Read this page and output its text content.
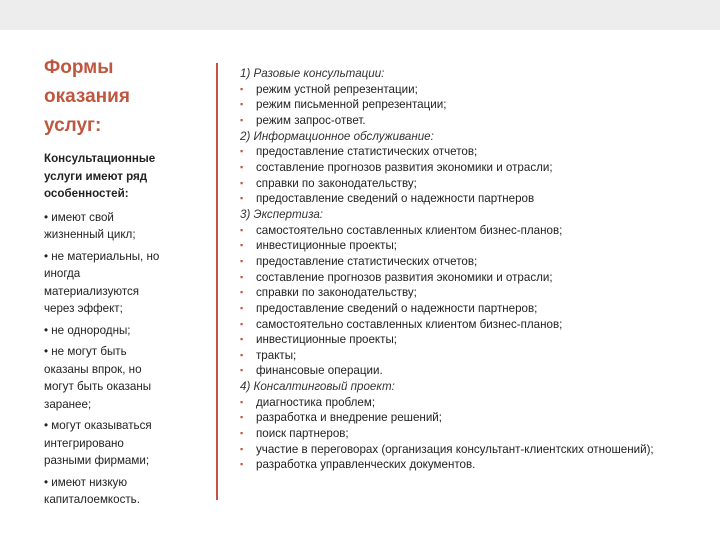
Формы
оказания
услуг:
Консультационные
услуги имеют ряд
особенностей:
• имеют свой
жизненный цикл;
• не материальны, но
иногда
материализуются
через эффект;
• не однородны;
• не могут быть
оказаны впрок, но
могут быть оказаны
заранее;
• могут оказываться
интегрировано
разными фирмами;
• имеют низкую
капиталоемкость.
1) Разовые консультации:
▪ режим устной репрезентации;
▪ режим письменной репрезентации;
▪ режим запрос-ответ.
2) Информационное обслуживание:
▪ предоставление статистических отчетов;
▪ составление прогнозов развития экономики и отрасли;
▪ справки по законодательству;
▪ предоставление сведений о надежности партнеров
3) Экспертиза:
▪ самостоятельно составленных клиентом бизнес-планов;
▪ инвестиционные проекты;
▪ предоставление статистических отчетов;
▪ составление прогнозов развития экономики и отрасли;
▪ справки по законодательству;
▪ предоставление сведений о надежности партнеров;
▪ самостоятельно составленных клиентом бизнес-планов;
▪ инвестиционные проекты;
▪ тракты;
▪ финансовые операции.
4) Консалтинговый проект:
▪ диагностика проблем;
▪ разработка и внедрение решений;
▪ поиск партнеров;
▪ участие в переговорах (организация консультант-клиентских отношений);
▪ разработка управленческих документов.
